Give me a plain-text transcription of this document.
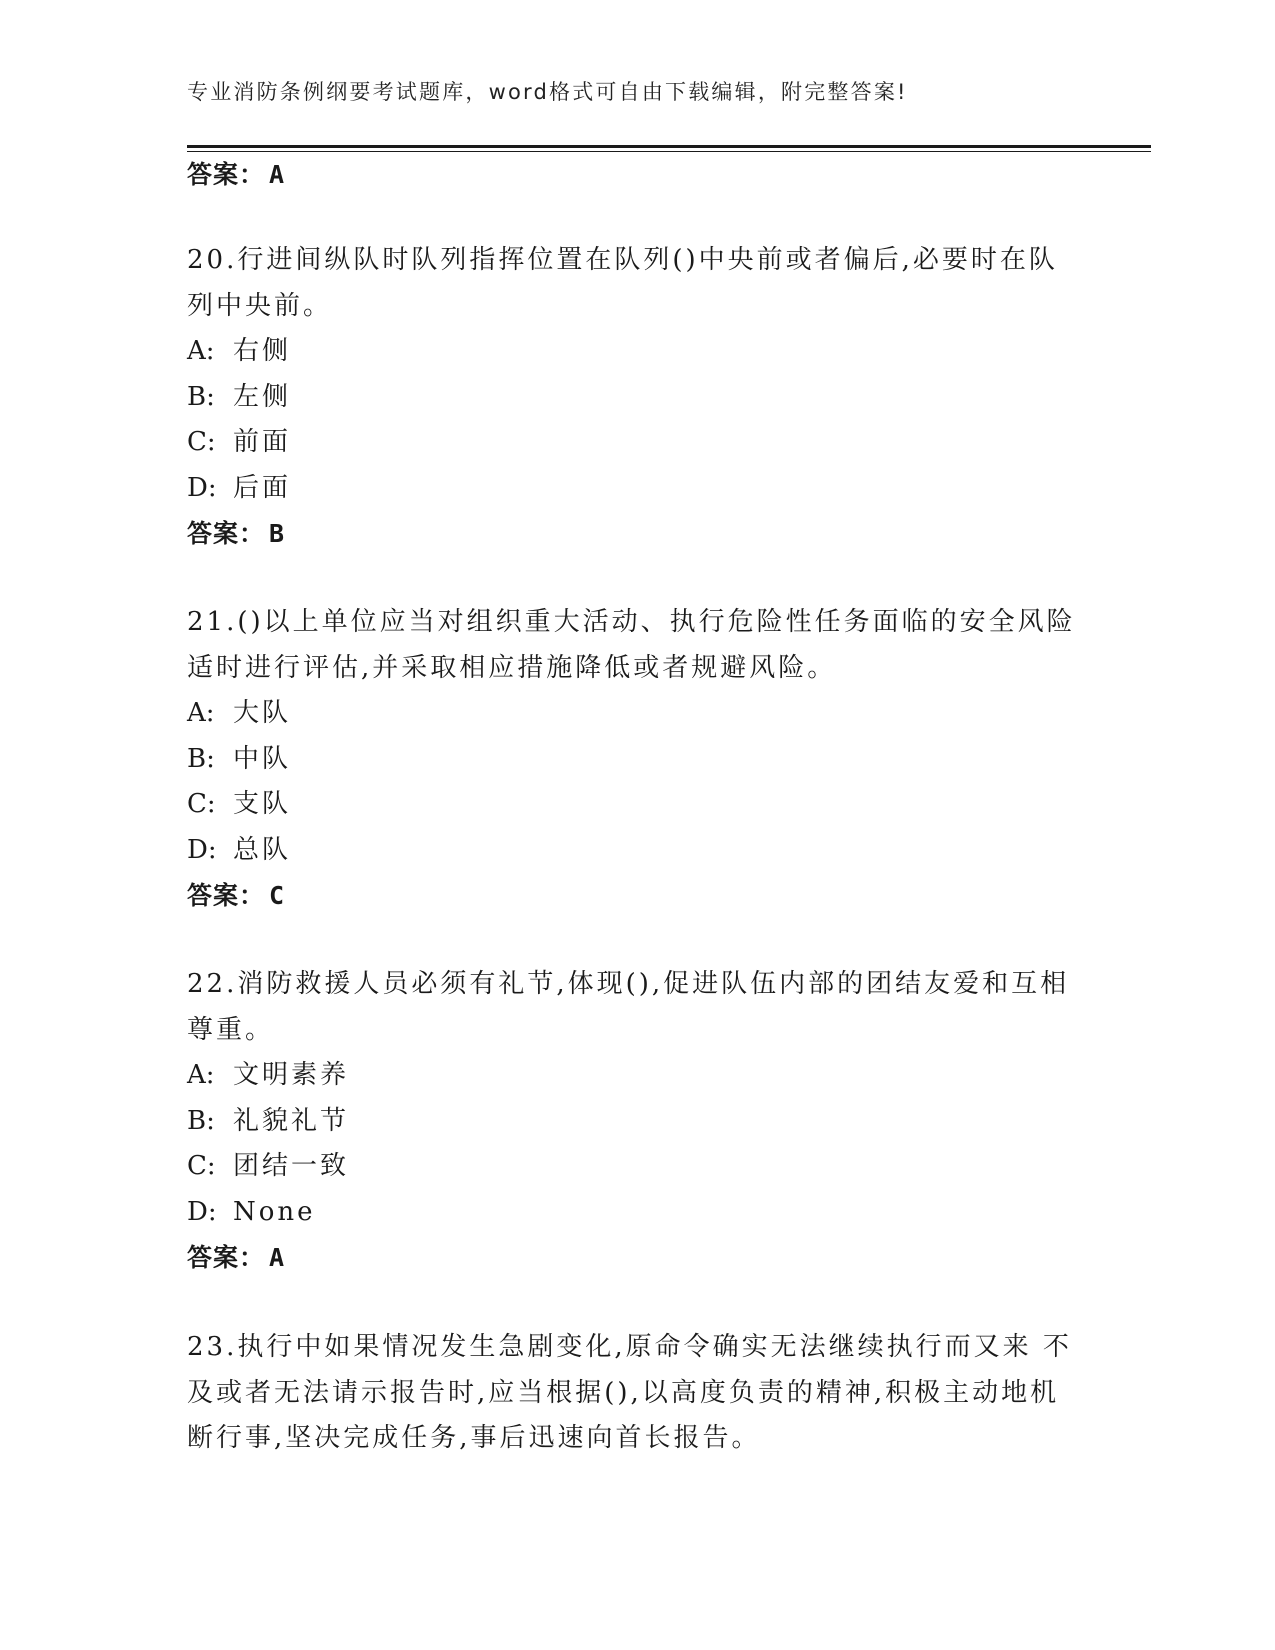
专业消防条例纲要考试题库，word格式可自由下载编辑，附完整答案!
答案： A
20.行进间纵队时队列指挥位置在队列()中央前或者偏后,必要时在队
列中央前。
A: 右侧
B: 左侧
C: 前面
D: 后面
答案： B
21.()以上单位应当对组织重大活动、执行危险性任务面临的安全风险
适时进行评估,并采取相应措施降低或者规避风险。
A: 大队
B: 中队
C: 支队
D: 总队
答案： C
22.消防救援人员必须有礼节,体现(),促进队伍内部的团结友爱和互相
尊重。
A: 文明素养
B: 礼貌礼节
C: 团结一致
D: None
答案： A
23.执行中如果情况发生急剧变化,原命令确实无法继续执行而又来 不
及或者无法请示报告时,应当根据(),以高度负责的精神,积极主动地机
断行事,坚决完成任务,事后迅速向首长报告。
